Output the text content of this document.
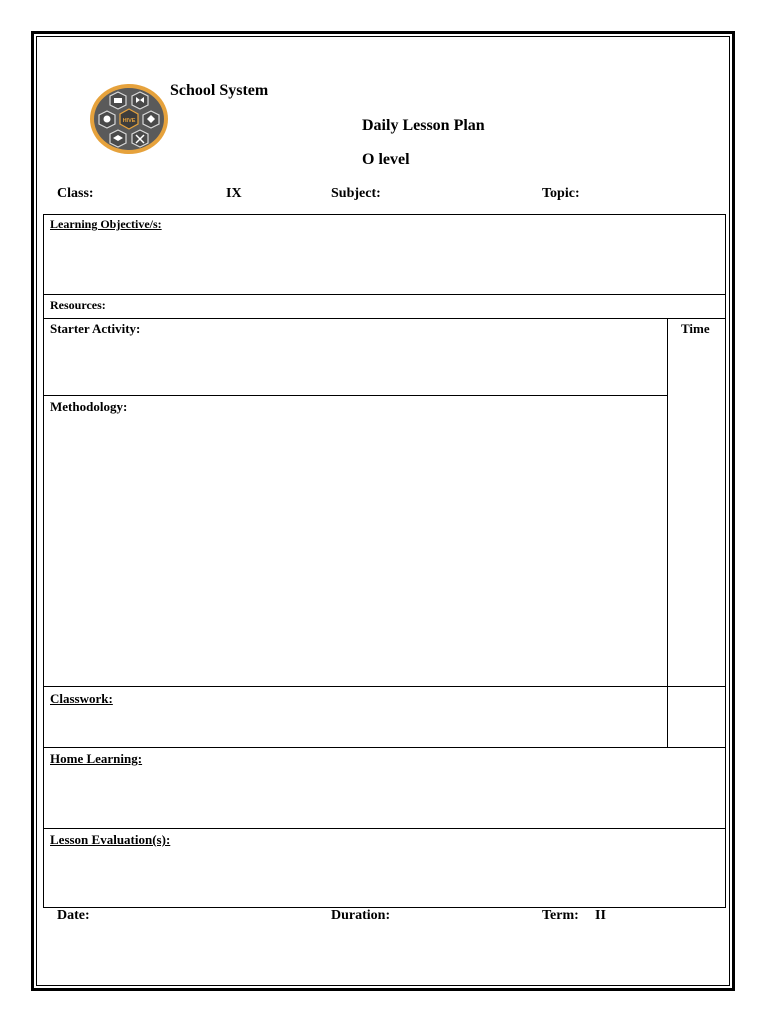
HIVE
School System
Daily Lesson Plan
O level
Class:	IX	Subject:	Topic:
Learning Objective/s:
Resources:
Starter Activity:	Time
Methodology:
Classwork:
Home Learning:
Lesson Evaluation(s):
Date:	Duration:	Term: II
